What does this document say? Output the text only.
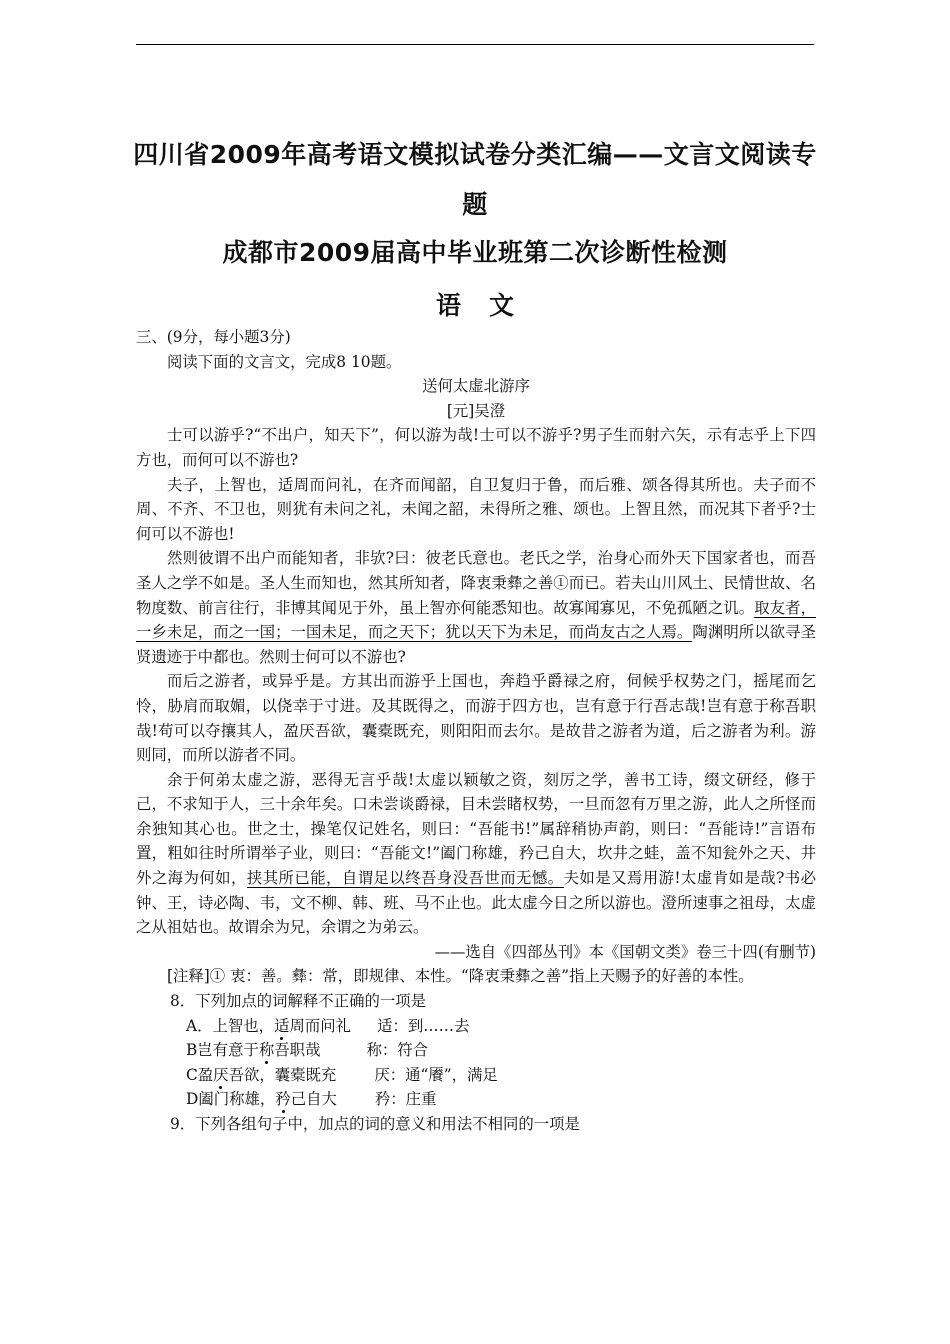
四川省2009年高考语文模拟试卷分类汇编——文言文阅读专
题
成都市2009届高中毕业班第二次诊断性检测
语文

三、(9分，每小题3分)

阅读下面的文言文，完成8 10题。

送何太虚北游序

[元]吴澄

士可以游乎?“不出户，知天下”，何以游为哉!士可以不游乎?男子生而射六矢，示有志乎上下四方也，而何可以不游也?

夫子，上智也，适周而问礼，在齐而闻韶，自卫复归于鲁，而后雅、颂各得其所也。夫子而不周、不齐、不卫也，则犹有未问之礼，未闻之韶，未得所之雅、颂也。上智且然，而况其下者乎?士何可以不游也!

然则彼谓不出户而能知者，非欤?曰：彼老氏意也。老氏之学，治身心而外天下国家者也，而吾圣人之学不如是。圣人生而知也，然其所知者，降衷秉彝之善①而已。若夫山川风土、民情世故、名物度数、前言往行，非博其闻见于外，虽上智亦何能悉知也。故寡闻寡见，不免孤陋之讥。取友者，一乡未足，而之一国；一国未足，而之天下；犹以天下为未足，而尚友古之人焉。陶渊明所以欲寻圣贤遗迹于中都也。然则士何可以不游也?

而后之游者，或异乎是。方其出而游乎上国也，奔趋乎爵禄之府，伺候乎权势之门，摇尾而乞怜，胁肩而取媚，以侥幸于寸进。及其既得之，而游于四方也，岂有意于行吾志哉!岂有意于称吾职哉!苟可以夺攘其人，盈厌吾欲，囊橐既充，则阳阳而去尔。是故昔之游者为道，后之游者为利。游则同，而所以游者不同。

余于何弟太虚之游，恶得无言乎哉!太虚以颖敏之资，刻厉之学，善书工诗，缀文研经，修于己，不求知于人，三十余年矣。口未尝谈爵禄，目未尝睹权势，一旦而忽有万里之游，此人之所怪而余独知其心也。世之士，操笔仅记姓名，则曰：“吾能书!”属辞稍协声韵，则曰：“吾能诗!”言语布置，粗如往时所谓举子业，则曰：“吾能文!”阖门称雄，矜己自大，坎井之蛙，盖不知瓮外之天、井外之海为何如，挟其所已能，自谓足以终吾身没吾世而无憾。夫如是又焉用游!太虚肯如是哉?书必钟、王，诗必陶、韦，文不柳、韩、班、马不止也。此太虚今日之所以游也。澄所速事之祖母，太虚之从祖姑也。故谓余为兄，余谓之为弟云。

——选自《四部丛刊》本《国朝文类》卷三十四(有删节)

[注释]① 衷：善。彝：常，即规律、本性。“降衷秉彝之善”指上天赐予的好善的本性。

8．下列加点的词解释不正确的一项是

A．上智也，适周而问礼 适：到……去

B岂有意于称吾职哉	称：符合

C盈厌吾欲，囊橐既充 厌：通“餍”，满足

D阖门称雄，矜己自大 矜：庄重

9．下列各组句子中，加点的词的意义和用法不相同的一项是
